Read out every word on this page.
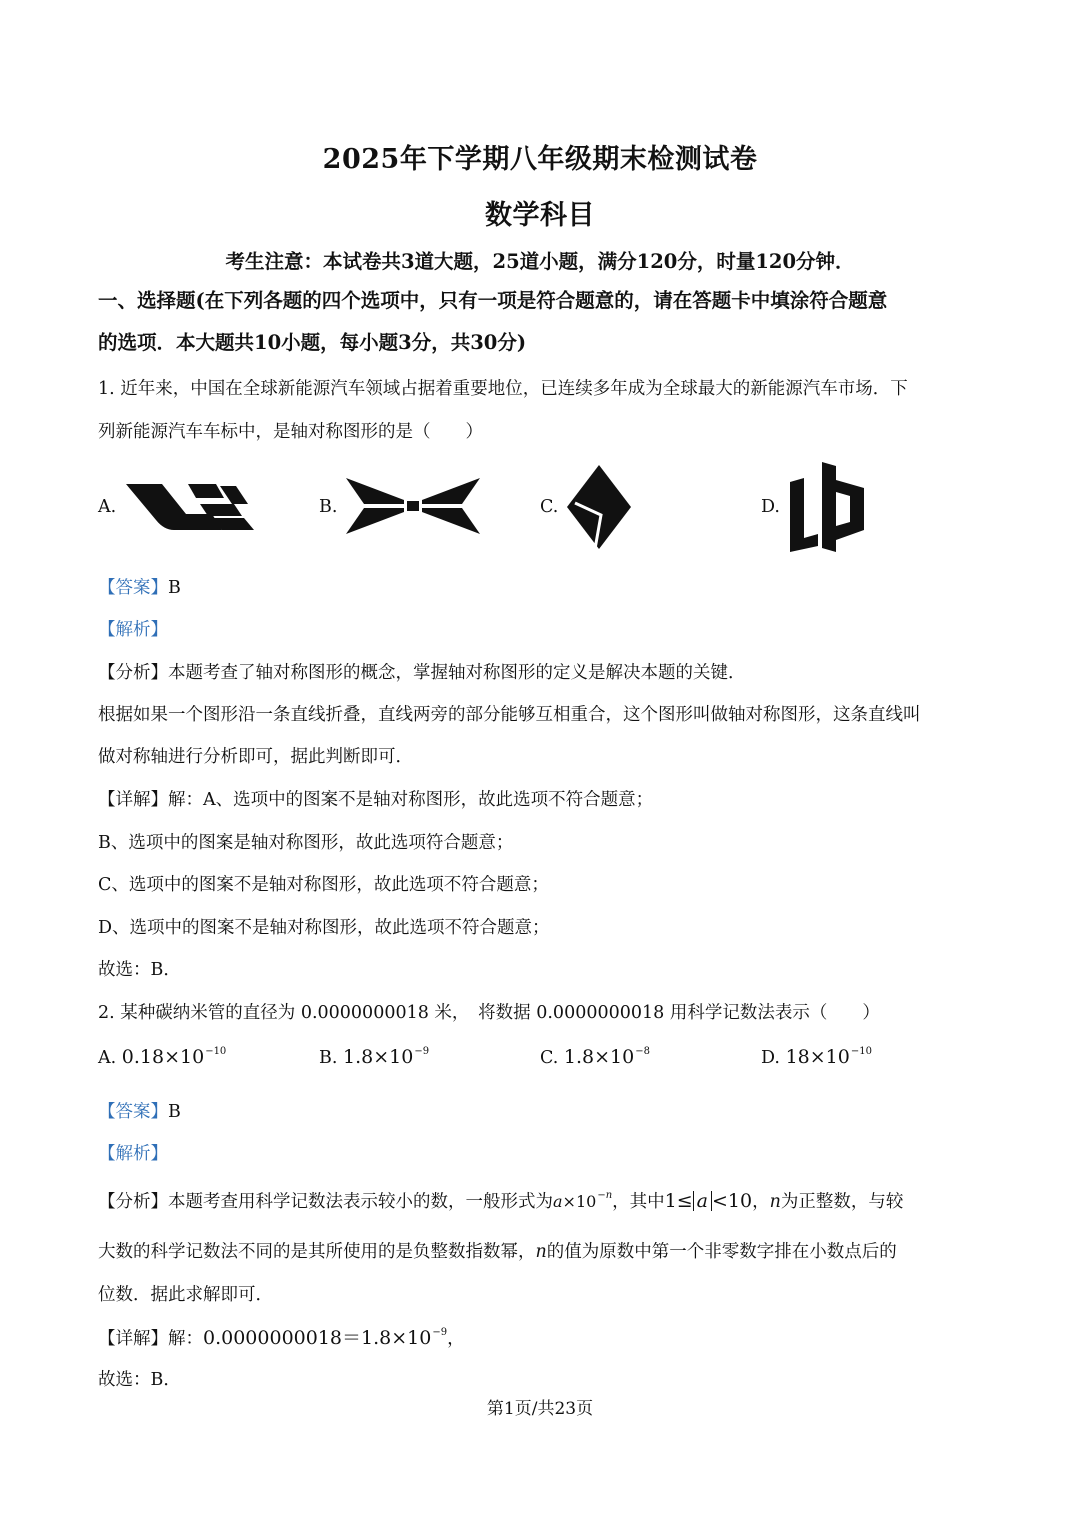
2025年下学期八年级期末检测试卷
数学科目
考生注意：本试卷共3道大题，25道小题，满分120分，时量120分钟．
一、选择题(在下列各题的四个选项中，只有一项是符合题意的，请在答题卡中填涂符合题意
的选项．本大题共10小题，每小题3分，共30分)
1. 近年来，中国在全球新能源汽车领域占据着重要地位，已连续多年成为全球最大的新能源汽车市场．下
列新能源汽车车标中，是轴对称图形的是（　　）
A.	B.	C.	D.
【答案】B
【解析】
【分析】本题考查了轴对称图形的概念，掌握轴对称图形的定义是解决本题的关键．
根据如果一个图形沿一条直线折叠，直线两旁的部分能够互相重合，这个图形叫做轴对称图形，这条直线叫
做对称轴进行分析即可，据此判断即可．
【详解】解：A、选项中的图案不是轴对称图形，故此选项不符合题意；
B、选项中的图案是轴对称图形，故此选项符合题意；
C、选项中的图案不是轴对称图形，故此选项不符合题意；
D、选项中的图案不是轴对称图形，故此选项不符合题意；
故选：B．
2. 某种碳纳米管的直径为 0.0000000018 米，　将数据 0.0000000018 用科学记数法表示（　　）
A. $0.18\times 10^{-10}$	B. $1.8\times 10^{-9}$	C. $1.8\times 10^{-8}$	D. $18\times 10^{-10}$
【答案】B
【解析】
【分析】本题考查用科学记数法表示较小的数，一般形式为$a\times 10^{-n}$，其中1≤ a <10，n为正整数，与较
大数的科学记数法不同的是其所使用的是负整数指数幂，n的值为原数中第一个非零数字排在小数点后的
位数．据此求解即可．
【详解】解：$0.0000000018=1.8\times 10^{-9}$，
故选：B．
第1页/共23页
